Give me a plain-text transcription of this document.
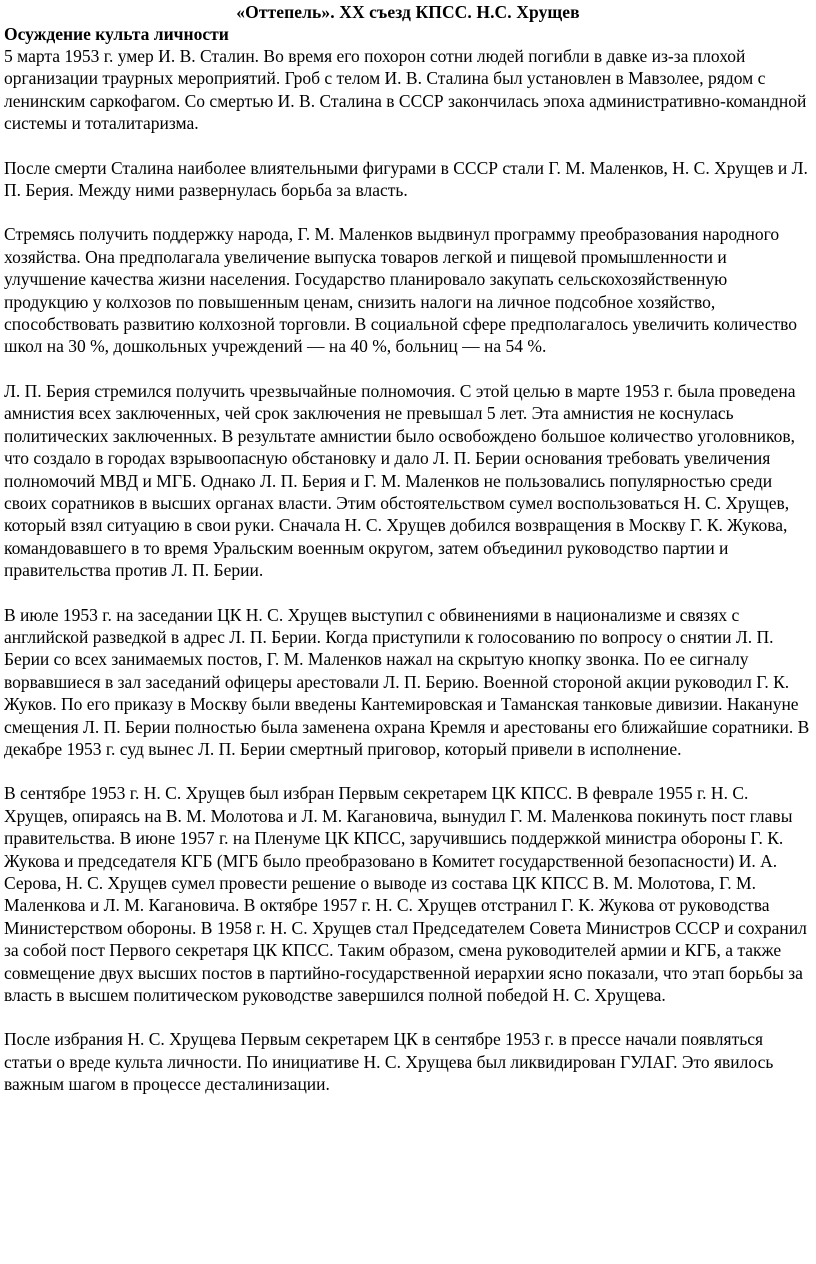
«Оттепель». XX съезд КПСС. Н.С. Хрущев
Осуждение культа личности

5 марта 1953 г. умер И. В. Сталин. Во время его похорон сотни людей погибли в давке из-за плохой организации траурных мероприятий. Гроб с телом И. В. Сталина был установлен в Мавзолее, рядом с ленинским саркофагом. Со смертью И. В. Сталина в СССР закончилась эпоха административно-командной системы и тоталитаризма.

После смерти Сталина наиболее влиятельными фигурами в СССР стали Г. М. Маленков, Н. С. Хрущев и Л. П. Берия. Между ними развернулась борьба за власть.

Стремясь получить поддержку народа, Г. М. Маленков выдвинул программу преобразования народного хозяйства. Она предполагала увеличение выпуска товаров легкой и пищевой промышленности и улучшение качества жизни населения. Государство планировало закупать сельскохозяйственную продукцию у колхозов по повышенным ценам, снизить налоги на личное подсобное хозяйство, способствовать развитию колхозной торговли. В социальной сфере предполагалось увеличить количество школ на 30 %, дошкольных учреждений — на 40 %, больниц — на 54 %.

Л. П. Берия стремился получить чрезвычайные полномочия. С этой целью в марте 1953 г. была проведена амнистия всех заключенных, чей срок заключения не превышал 5 лет. Эта амнистия не коснулась политических заключенных. В результате амнистии было освобождено большое количество уголовников, что создало в городах взрывоопасную обстановку и дало Л. П. Берии основания требовать увеличения полномочий МВД и МГБ. Однако Л. П. Берия и Г. М. Маленков не пользовались популярностью среди своих соратников в высших органах власти. Этим обстоятельством сумел воспользоваться Н. С. Хрущев, который взял ситуацию в свои руки. Сначала Н. С. Хрущев добился возвращения в Москву Г. К. Жукова, командовавшего в то время Уральским военным округом, затем объединил руководство партии и правительства против Л. П. Берии.

В июле 1953 г. на заседании ЦК Н. С. Хрущев выступил с обвинениями в национализме и связях с английской разведкой в адрес Л. П. Берии. Когда приступили к голосованию по вопросу о снятии Л. П. Берии со всех занимаемых постов, Г. М. Маленков нажал на скрытую кнопку звонка. По ее сигналу ворвавшиеся в зал заседаний офицеры арестовали Л. П. Берию. Военной стороной акции руководил Г. К. Жуков. По его приказу в Москву были введены Кантемировская и Таманская танковые дивизии. Накануне смещения Л. П. Берии полностью была заменена охрана Кремля и арестованы его ближайшие соратники. В декабре 1953 г. суд вынес Л. П. Берии смертный приговор, который привели в исполнение.

В сентябре 1953 г. Н. С. Хрущев был избран Первым секретарем ЦК КПСС. В феврале 1955 г. Н. С. Хрущев, опираясь на В. М. Молотова и Л. М. Кагановича, вынудил Г. М. Маленкова покинуть пост главы правительства. В июне 1957 г. на Пленуме ЦК КПСС, заручившись поддержкой министра обороны Г. К. Жукова и председателя КГБ (МГБ было преобразовано в Комитет государственной безопасности) И. А. Серова, Н. С. Хрущев сумел провести решение о выводе из состава ЦК КПСС В. М. Молотова, Г. М. Маленкова и Л. М. Кагановича. В октябре 1957 г. Н. С. Хрущев отстранил Г. К. Жукова от руководства Министерством обороны. В 1958 г. Н. С. Хрущев стал Председателем Совета Министров СССР и сохранил за собой пост Первого секретаря ЦК КПСС. Таким образом, смена руководителей армии и КГБ, а также совмещение двух высших постов в партийно-государственной иерархии ясно показали, что этап борьбы за власть в высшем политическом руководстве завершился полной победой Н. С. Хрущева.

После избрания Н. С. Хрущева Первым секретарем ЦК в сентябре 1953 г. в прессе начали появляться статьи о вреде культа личности. По инициативе Н. С. Хрущева был ликвидирован ГУЛАГ. Это явилось важным шагом в процессе десталинизации.
